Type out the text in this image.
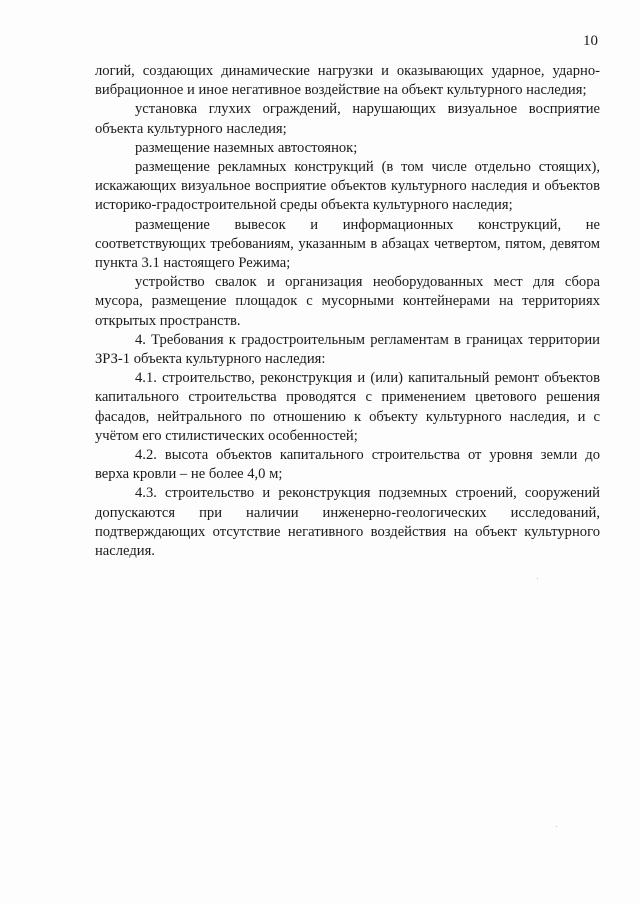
10

логий, создающих динамические нагрузки и оказывающих ударное, ударно-вибрационное и иное негативное воздействие на объект культурного наследия;

установка глухих ограждений, нарушающих визуальное восприятие объекта культурного наследия;

размещение наземных автостоянок;

размещение рекламных конструкций (в том числе отдельно стоящих), искажающих визуальное восприятие объектов культурного наследия и объектов историко-градостроительной среды объекта культурного наследия;

размещение вывесок и информационных конструкций, не соответствующих требованиям, указанным в абзацах четвертом, пятом, девятом пункта 3.1 настоящего Режима;

устройство свалок и организация необорудованных мест для сбора мусора, размещение площадок с мусорными контейнерами на территориях открытых пространств.

4. Требования к градостроительным регламентам в границах территории ЗРЗ-1 объекта культурного наследия:

4.1. строительство, реконструкция и (или) капитальный ремонт объектов капитального строительства проводятся с применением цветового решения фасадов, нейтрального по отношению к объекту культурного наследия, и с учётом его стилистических особенностей;

4.2. высота объектов капитального строительства от уровня земли до верха кровли – не более 4,0 м;

4.3. строительство и реконструкция подземных строений, сооружений допускаются при наличии инженерно-геологических исследований, подтверждающих отсутствие негативного воздействия на объект культурного наследия.
